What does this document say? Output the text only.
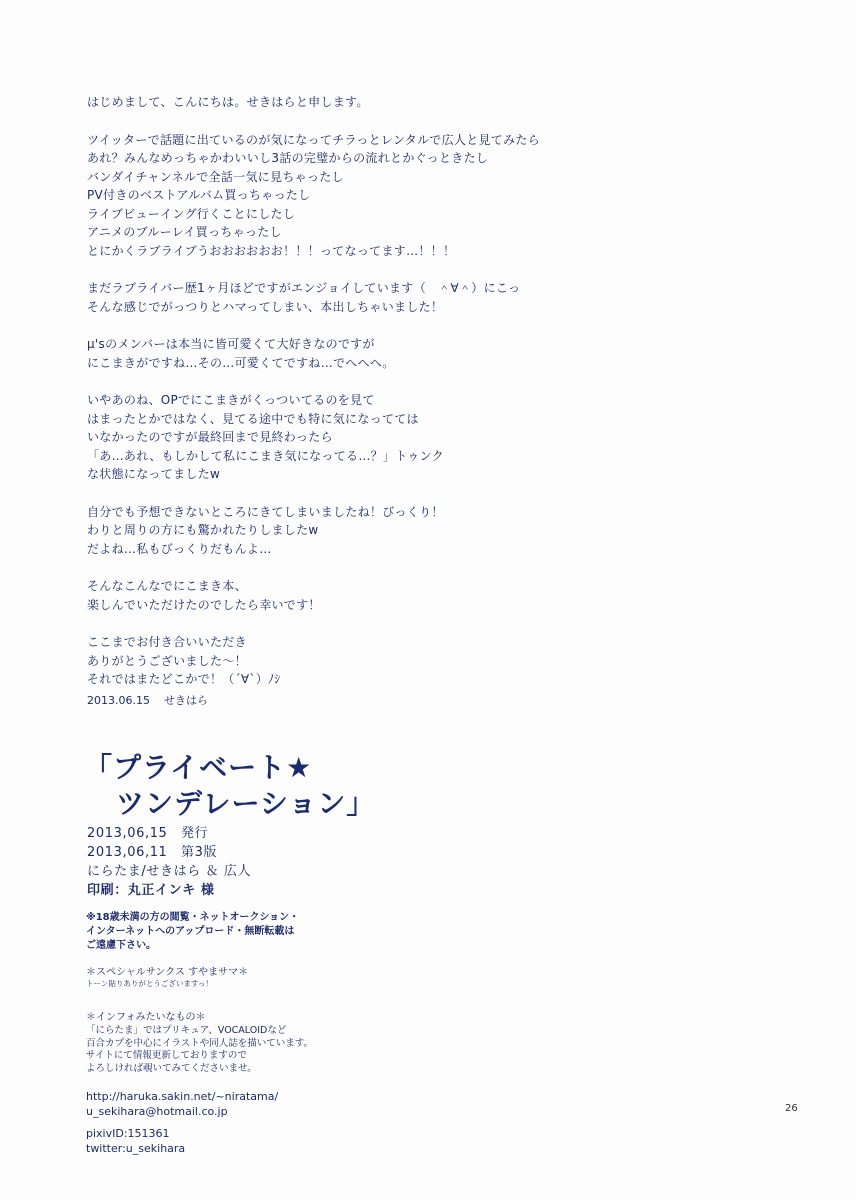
はじめまして、こんにちは。せきはらと申します。
ツイッターで話題に出ているのが気になってチラっとレンタルで広人と見てみたら
あれ？みんなめっちゃかわいいし3話の完璧からの流れとかぐっときたし
バンダイチャンネルで全話一気に見ちゃったし
PV付きのベストアルバム買っちゃったし
ライブビューイング行くことにしたし
アニメのブルーレイ買っちゃったし
とにかくラブライブうおおおおおお！！！ってなってます…！！！
まだラブライバー歴1ヶ月ほどですがエンジョイしています（　＾∀＾）にこっ
そんな感じでがっつりとハマってしまい、本出しちゃいました！
μ'sのメンバーは本当に皆可愛くて大好きなのですが
にこまきがですね…その…可愛くてですね…でへへへ。
いやあのね、OPでにこまきがくっついてるのを見て
はまったとかではなく、見てる途中でも特に気になってては
いなかったのですが最終回まで見終わったら
「あ…あれ、もしかして私にこまき気になってる…？」トゥンク
な状態になってましたw
自分でも予想できないところにきてしまいましたね！びっくり！
わりと周りの方にも驚かれたりしましたw
だよね…私もびっくりだもんよ…
そんなこんなでにこまき本、
楽しんでいただけたのでしたら幸いです！
ここまでお付き合いいただき
ありがとうございました～！
それではまたどこかで！（´∀`）ﾉｼ
2013.06.15 せきはら
「プライベート★
ツンデレーション」
2013,06,15　発行
2013,06,11　第3版
にらたま/せきはら ＆ 広人
印刷：丸正インキ 様
※18歳未満の方の閲覧・ネットオークション・
インターネットへのアップロード・無断転載は
ご遠慮下さい。
＊スペシャルサンクス すやまサマ＊
トーン貼りありがとうございますっ！
＊インフォみたいなもの＊
「にらたま」ではプリキュア、VOCALOIDなど
百合カプを中心にイラストや同人誌を描いています。
サイトにて情報更新しておりますので
よろしければ覗いてみてくださいませ。
http://haruka.sakin.net/~niratama/
u_sekihara@hotmail.co.jp
pixivID:151361
twitter:u_sekihara
26
